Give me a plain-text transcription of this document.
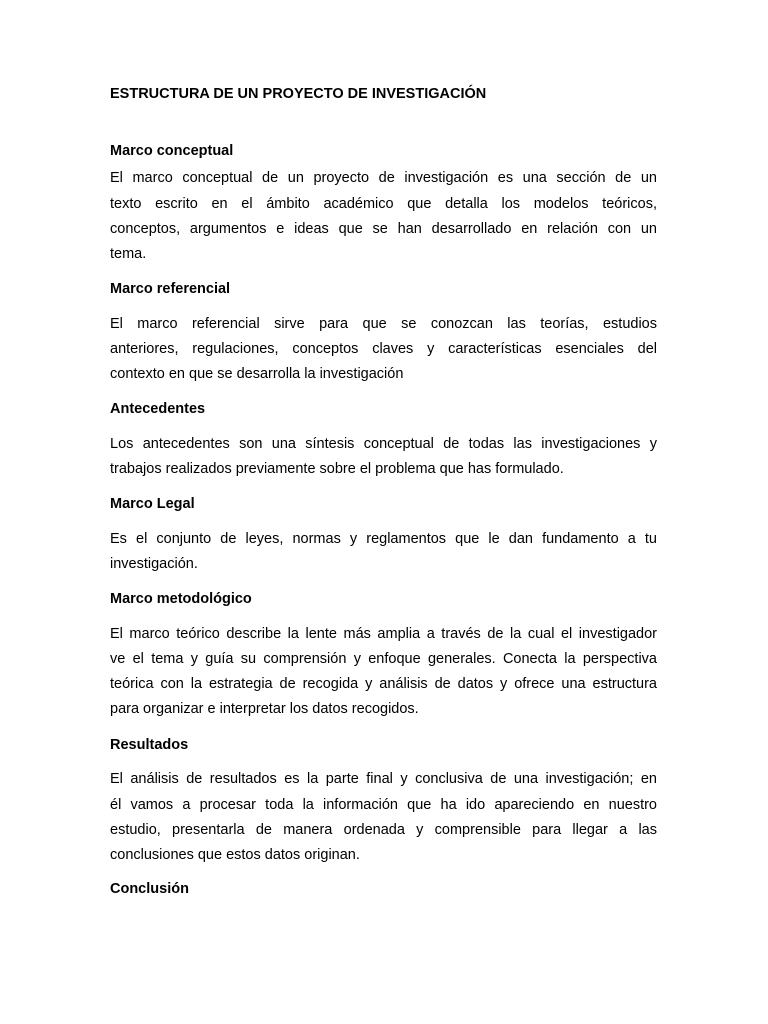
ESTRUCTURA DE UN PROYECTO DE INVESTIGACIÓN
Marco conceptual
El marco conceptual de un proyecto de investigación es una sección de un
texto escrito en el ámbito académico que detalla los modelos teóricos,
conceptos, argumentos e ideas que se han desarrollado en relación con un
tema.
Marco referencial
El marco referencial sirve para que se conozcan las teorías, estudios
anteriores, regulaciones, conceptos claves y características esenciales del
contexto en que se desarrolla la investigación
Antecedentes
Los antecedentes son una síntesis conceptual de todas las investigaciones y
trabajos realizados previamente sobre el problema que has formulado.
Marco Legal
Es el conjunto de leyes, normas y reglamentos que le dan fundamento a tu
investigación.
Marco metodológico
El marco teórico describe la lente más amplia a través de la cual el investigador
ve el tema y guía su comprensión y enfoque generales. Conecta la perspectiva
teórica con la estrategia de recogida y análisis de datos y ofrece una estructura
para organizar e interpretar los datos recogidos.
Resultados
El análisis de resultados es la parte final y conclusiva de una investigación; en
él vamos a procesar toda la información que ha ido apareciendo en nuestro
estudio, presentarla de manera ordenada y comprensible para llegar a las
conclusiones que estos datos originan.
Conclusión
